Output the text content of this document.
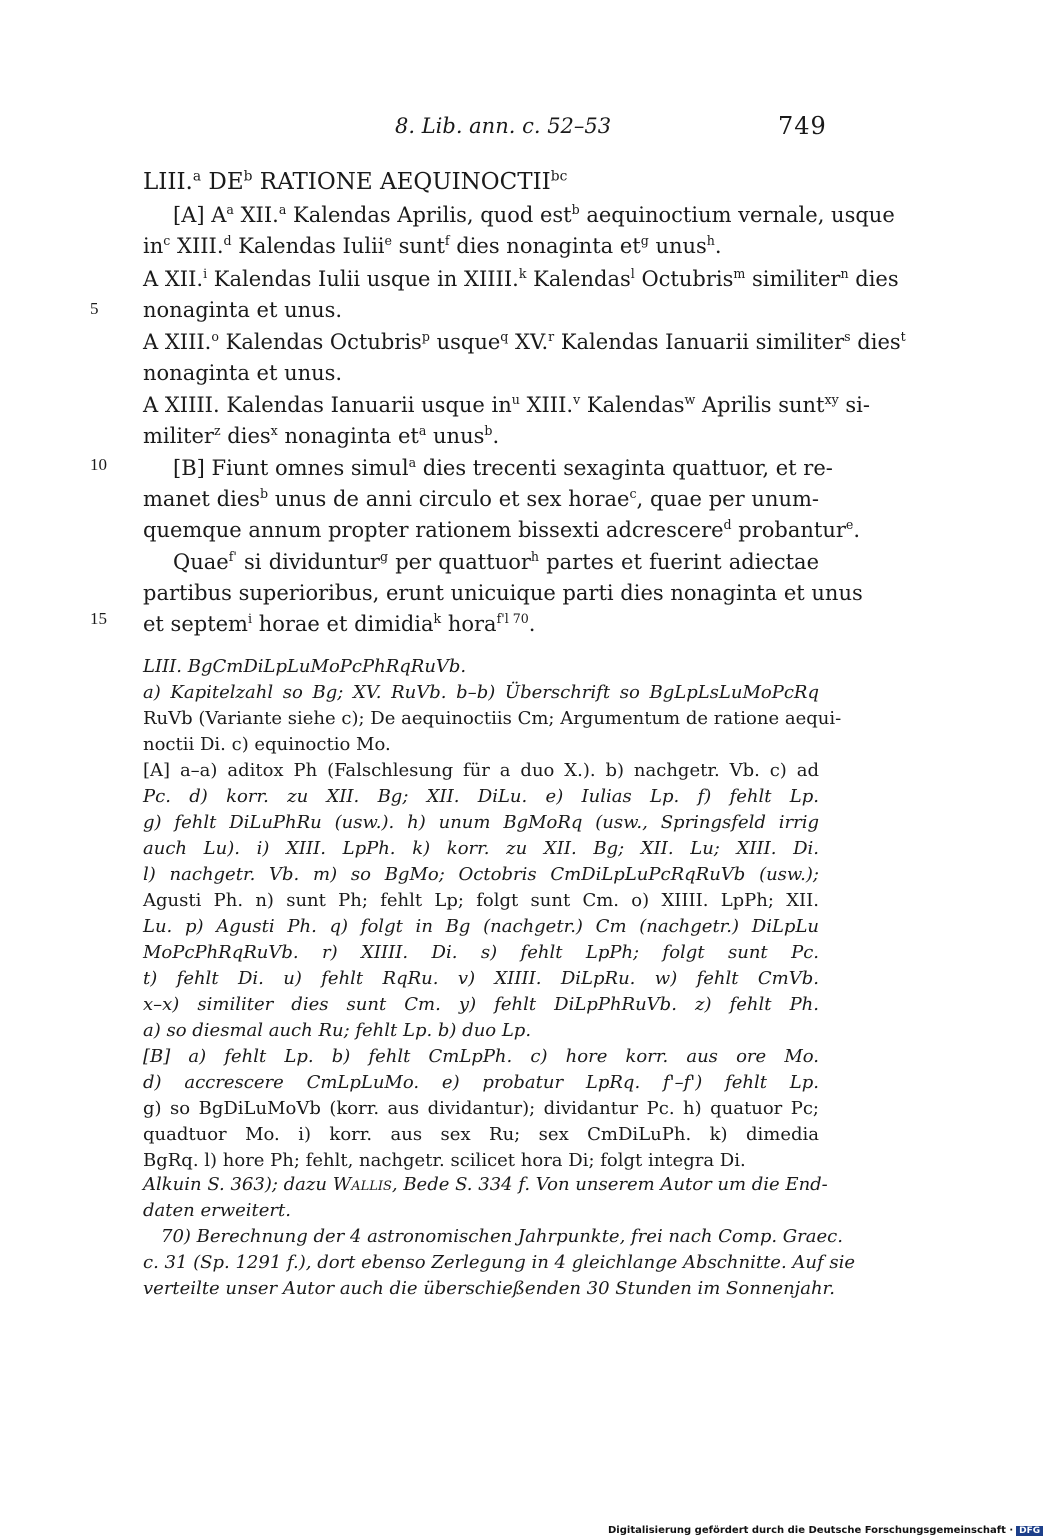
8. Lib. ann. c. 52–53	749
5
10
15
LIII.$^a$ $DE^b$ RATIONE $AEQUINOCTII^{bc}$
[A] $A^a$ XII.$^a$ Kalendas Aprilis, quod est$^b$ aequinoctium vernale, usque
$in^c$ XIII.$^d$ Kalendas Iulii$^e$ sunt$^f$ dies nonaginta $et^g$ unus$^h$.
A XII.$^i$ Kalendas Iulii usque in XIIII.$^k$ Kalendas$^l$ Octubris$^m$ similiter$^n$ dies
nonaginta et unus.
A XIII.$^o$ Kalendas Octubris$^p$ usque$^q$ XV.$^r$ Kalendas Ianuarii similiter$^s$ dies$^t$
nonaginta et unus.
A XIIII. Kalendas Ianuarii usque $in^u$ XIII.$^v$ Kalendas$^w$ Aprilis sunt$^{xy}$ si-
militer$^z$ dies$^x$ nonaginta $et^a$ unus$^b$.
[B] Fiunt omnes simul$^a$ dies trecenti sexaginta quattuor, et re-
manet dies$^b$ unus de anni circulo et sex horae$^c$, quae per unum-
quemque annum propter rationem bissexti adcrescere$^d$ probantur$^e$.
Quae$^{f'}$ si dividuntur$^g$ per quattuor$^h$ partes et fuerint adiectae
partibus superioribus, erunt unicuique parti dies nonaginta et unus
et septem$^i$ horae et dimidia$^k$ hora$^{f'l 70}$.
LIII. BgCmDiLpLuMoPcPhRqRuVb.
a) Kapitelzahl so Bg; XV. RuVb. b–b) Überschrift so BgLpLsLuMoPcRq
RuVb (Variante siehe c); De aequinoctiis Cm; Argumentum de ratione aequi-
noctii Di. c) equinoctio Mo.
[A] a–a) aditox Ph (Falschlesung für a duo X.). b) nachgetr. Vb. c) ad
Pc. d) korr. zu XII. Bg; XII. DiLu. e) Iulias Lp. f) fehlt Lp.
g) fehlt DiLuPhRu (usw.). h) unum BgMoRq (usw., Springsfeld irrig
auch Lu). i) XIII. LpPh. k) korr. zu XII. Bg; XII. Lu; XIII. Di.
l) nachgetr. Vb. m) so BgMo; Octobris CmDiLpLuPcRqRuVb (usw.);
Agusti Ph. n) sunt Ph; fehlt Lp; folgt sunt Cm. o) XIIII. LpPh; XII.
Lu. p) Agusti Ph. q) folgt in Bg (nachgetr.) Cm (nachgetr.) DiLpLu
MoPcPhRqRuVb. r) XIIII. Di. s) fehlt LpPh; folgt sunt Pc.
t) fehlt Di. u) fehlt RqRu. v) XIIII. DiLpRu. w) fehlt CmVb.
x–x) similiter dies sunt Cm. y) fehlt DiLpPhRuVb. z) fehlt Ph.
a) so diesmal auch Ru; fehlt Lp. b) duo Lp.
[B] a) fehlt Lp. b) fehlt CmLpPh. c) hore korr. aus ore Mo.
d) accrescere CmLpLuMo. e) probatur LpRq. f'–f') fehlt Lp.
g) so BgDiLuMoVb (korr. aus dividantur); dividantur Pc. h) quatuor Pc;
quadtuor Mo. i) korr. aus sex Ru; sex CmDiLuPh. k) dimedia
BgRq. l) hore Ph; fehlt, nachgetr. scilicet hora Di; folgt integra Di.
Alkuin S. 363); dazu Wallis, Bede S. 334 f. Von unserem Autor um die End-
daten erweitert.
70) Berechnung der 4 astronomischen Jahrpunkte, frei nach Comp. Graec.
c. 31 (Sp. 1291 f.), dort ebenso Zerlegung in 4 gleichlange Abschnitte. Auf sie
verteilte unser Autor auch die überschießenden 30 Stunden im Sonnenjahr.
Digitalisierung gefördert durch die Deutsche Forschungsgemeinschaft · DFG
